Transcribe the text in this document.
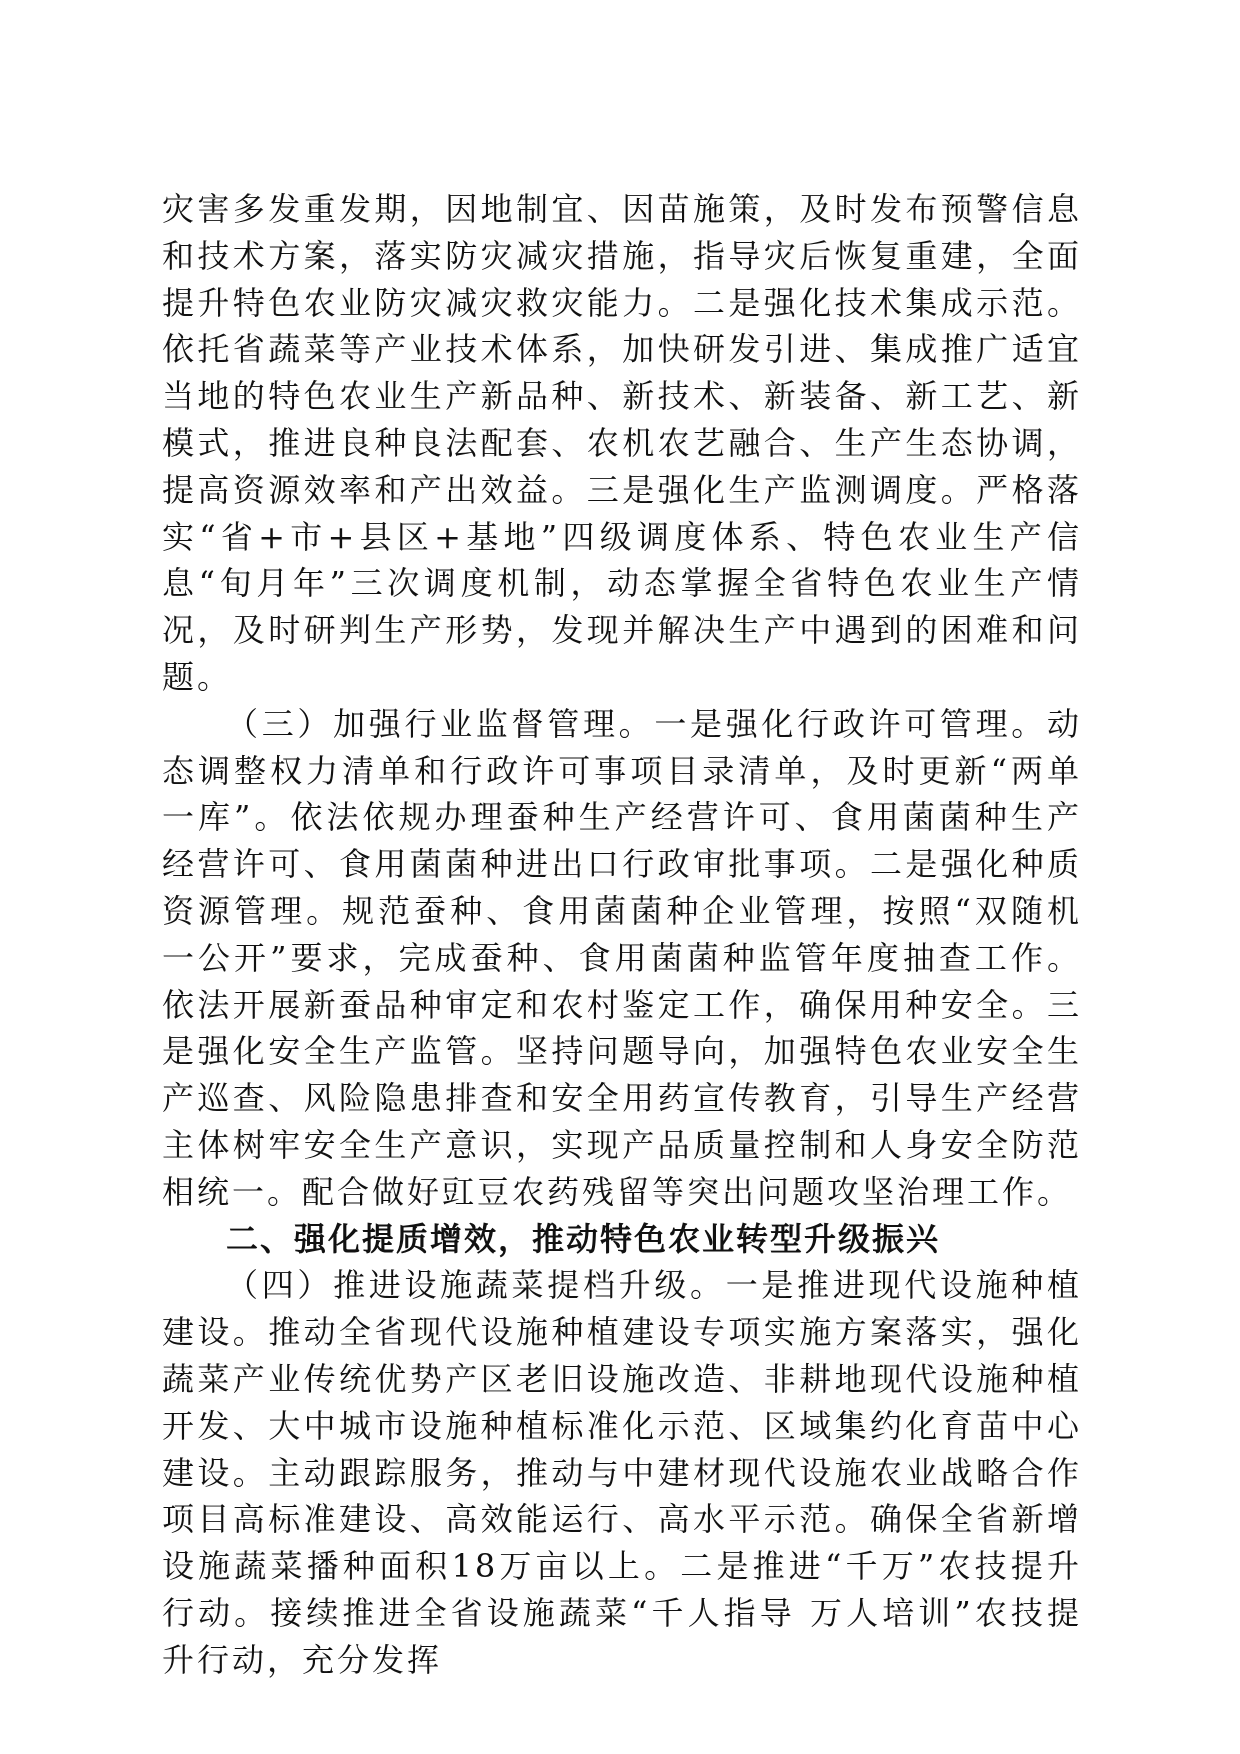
灾害多发重发期，因地制宜、因苗施策，及时发布预警信息和技术方案，落实防灾减灾措施，指导灾后恢复重建，全面提升特色农业防灾减灾救灾能力。二是强化技术集成示范。依托省蔬菜等产业技术体系，加快研发引进、集成推广适宜当地的特色农业生产新品种、新技术、新装备、新工艺、新模式，推进良种良法配套、农机农艺融合、生产生态协调，提高资源效率和产出效益。三是强化生产监测调度。严格落实“省+市+县区+基地”四级调度体系、特色农业生产信息“旬月年”三次调度机制，动态掌握全省特色农业生产情况，及时研判生产形势，发现并解决生产中遇到的困难和问题。

（三）加强行业监督管理。一是强化行政许可管理。动态调整权力清单和行政许可事项目录清单，及时更新“两单一库”。依法依规办理蚕种生产经营许可、食用菌菌种生产经营许可、食用菌菌种进出口行政审批事项。二是强化种质资源管理。规范蚕种、食用菌菌种企业管理，按照“双随机一公开”要求，完成蚕种、食用菌菌种监管年度抽查工作。依法开展新蚕品种审定和农村鉴定工作，确保用种安全。三是强化安全生产监管。坚持问题导向，加强特色农业安全生产巡查、风险隐患排查和安全用药宣传教育，引导生产经营主体树牢安全生产意识，实现产品质量控制和人身安全防范相统一。配合做好豇豆农药残留等突出问题攻坚治理工作。

二、强化提质增效，推动特色农业转型升级振兴

（四）推进设施蔬菜提档升级。一是推进现代设施种植建设。推动全省现代设施种植建设专项实施方案落实，强化蔬菜产业传统优势产区老旧设施改造、非耕地现代设施种植开发、大中城市设施种植标准化示范、区域集约化育苗中心建设。主动跟踪服务，推动与中建材现代设施农业战略合作项目高标准建设、高效能运行、高水平示范。确保全省新增设施蔬菜播种面积18万亩以上。二是推进“千万”农技提升行动。接续推进全省设施蔬菜“千人指导 万人培训”农技提升行动，充分发挥
